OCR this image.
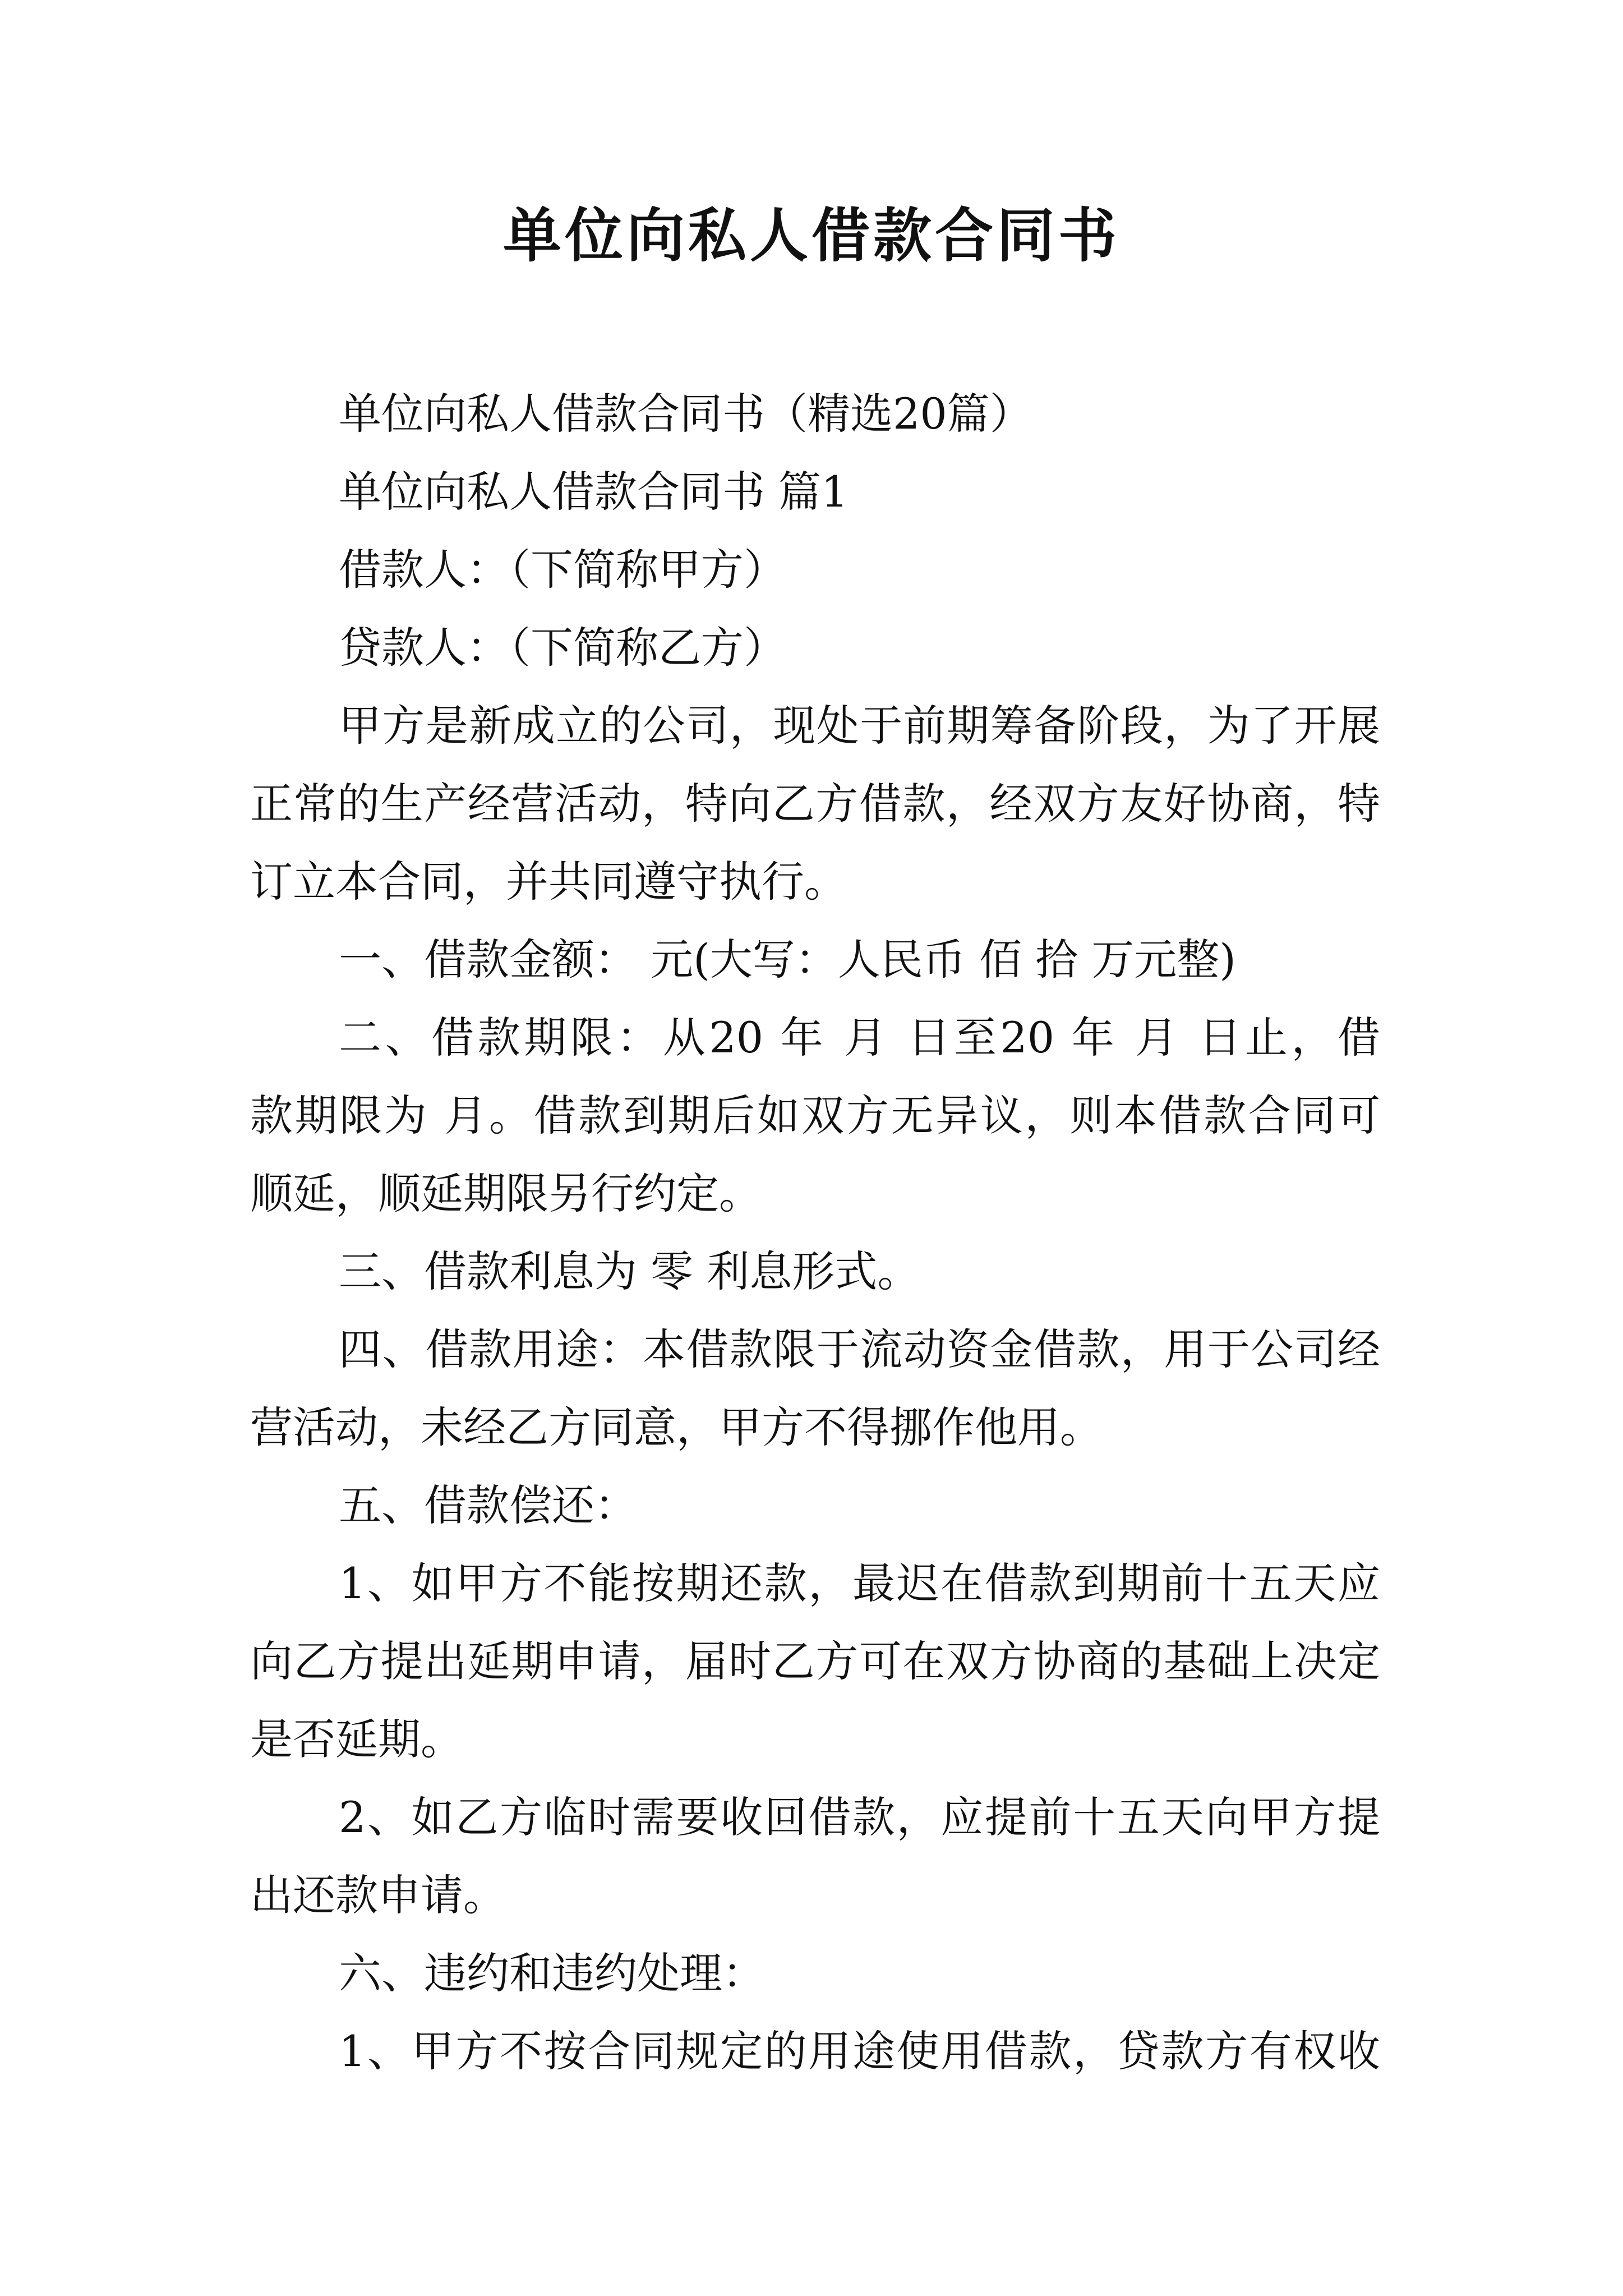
单位向私人借款合同书
单位向私人借款合同书（精选20篇）
单位向私人借款合同书 篇1
借款人：（下简称甲方）
贷款人：（下简称乙方）
甲方是新成立的公司，现处于前期筹备阶段，为了开展
正常的生产经营活动，特向乙方借款，经双方友好协商，特
订立本合同，并共同遵守执行。
一、借款金额： 元(大写：人民币 佰 拾 万元整)
二、借款期限：从20 年 月 日至20 年 月 日止，借
款期限为 月。借款到期后如双方无异议，则本借款合同可
顺延，顺延期限另行约定。
三、借款利息为 零 利息形式。
四、借款用途：本借款限于流动资金借款，用于公司经
营活动，未经乙方同意，甲方不得挪作他用。
五、借款偿还：
1、如甲方不能按期还款，最迟在借款到期前十五天应
向乙方提出延期申请，届时乙方可在双方协商的基础上决定
是否延期。
2、如乙方临时需要收回借款，应提前十五天向甲方提
出还款申请。
六、违约和违约处理：
1、甲方不按合同规定的用途使用借款，贷款方有权收
